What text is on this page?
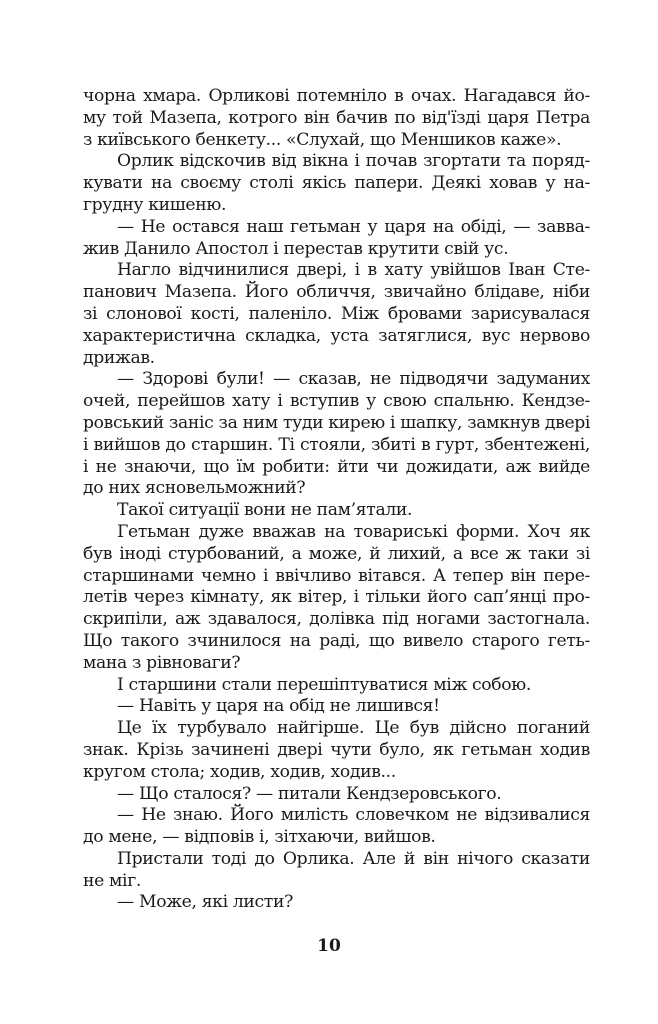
чорна хмара. Орликові потемніло в очах. Нагадався йо-
му той Мазепа, котрого він бачив по від'їзді царя Петра
з київського бенкету... «Слухай, що Меншиков каже».
Орлик відскочив від вікна і почав згортати та поряд-
кувати на своєму столі якісь папери. Деякі ховав у на-
грудну кишеню.
— Не остався наш гетьман у царя на обіді, — завва-
жив Данило Апостол і перестав крутити свій ус.
Нагло відчинилися двері, і в хату увійшов Іван Сте-
панович Мазепа. Його обличчя, звичайно блідаве, ніби
зі слонової кості, паленіло. Між бровами зарисувалася
характеристична складка, уста затяглися, вус нервово
дрижав.
— Здорові були! — сказав, не підводячи задуманих
очей, перейшов хату і вступив у свою спальню. Кендзе-
ровський заніс за ним туди кирею і шапку, замкнув двері
і вийшов до старшин. Ті стояли, збиті в гурт, збентежені,
і не знаючи, що їм робити: йти чи дожидати, аж вийде
до них ясновельможний?
Такої ситуації вони не пам’ятали.
Гетьман дуже вважав на товариські форми. Хоч як
був іноді стурбований, а може, й лихий, а все ж таки зі
старшинами чемно і ввічливо вітався. А тепер він пере-
летів через кімнату, як вітер, і тільки його сап’янці про-
скрипіли, аж здавалося, долівка під ногами застогнала.
Що такого зчинилося на раді, що вивело старого геть-
мана з рівноваги?
І старшини стали перешіптуватися між собою.
— Навіть у царя на обід не лишився!
Це їх турбувало найгірше. Це був дійсно поганий
знак. Крізь зачинені двері чути було, як гетьман ходив
кругом стола; ходив, ходив, ходив...
— Що сталося? — питали Кендзеровського.
— Не знаю. Його милість словечком не відзивалися
до мене, — відповів і, зітхаючи, вийшов.
Пристали тоді до Орлика. Але й він нічого сказати
не міг.
— Може, які листи?
10
